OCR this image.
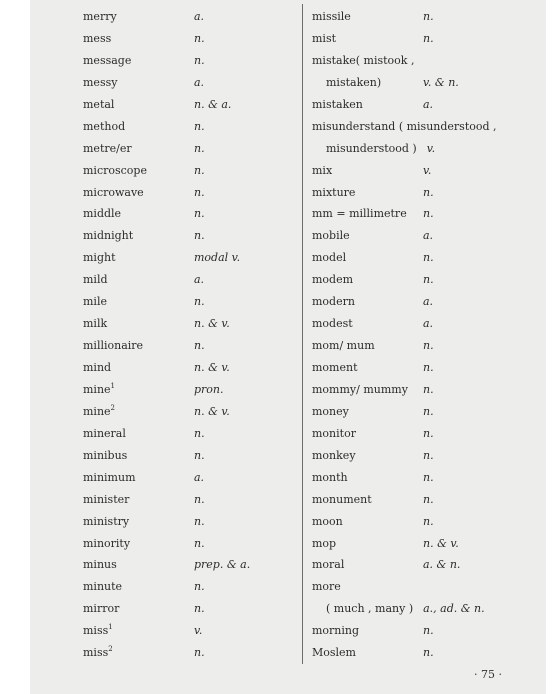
merry	a.
mess	n.
message	n.
messy	a.
metal	n. & a.
method	n.
metre/er	n.
microscope	n.
microwave	n.
middle	n.
midnight	n.
might	modal v.
mild	a.
mile	n.
milk	n. & v.
millionaire	n.
mind	n. & v.
mine$^1$	pron.
mine$^2$	n. & v.
mineral	n.
minibus	n.
minimum	a.
minister	n.
ministry	n.
minority	n.
minus	prep. & a.
minute	n.
mirror	n.
miss$^1$	v.
miss$^2$	n.
missile	n.
mist	n.
mistake( mistook ,
mistaken)	v. & n.
mistaken	a.
misunderstand ( misunderstood ,
misunderstood ) v.
mix	v.
mixture	n.
mm = millimetre n.
mobile	a.
model	n.
modem	n.
modern	a.
modest	a.
mom/ mum	n.
moment	n.
mommy/ mummy n.
money	n.
monitor	n.
monkey	n.
month	n.
monument	n.
moon	n.
mop	n. & v.
moral	a. & n.
more
( much , many ) a., ad. & n.
morning	n.
Moslem	n.
· 75 ·
